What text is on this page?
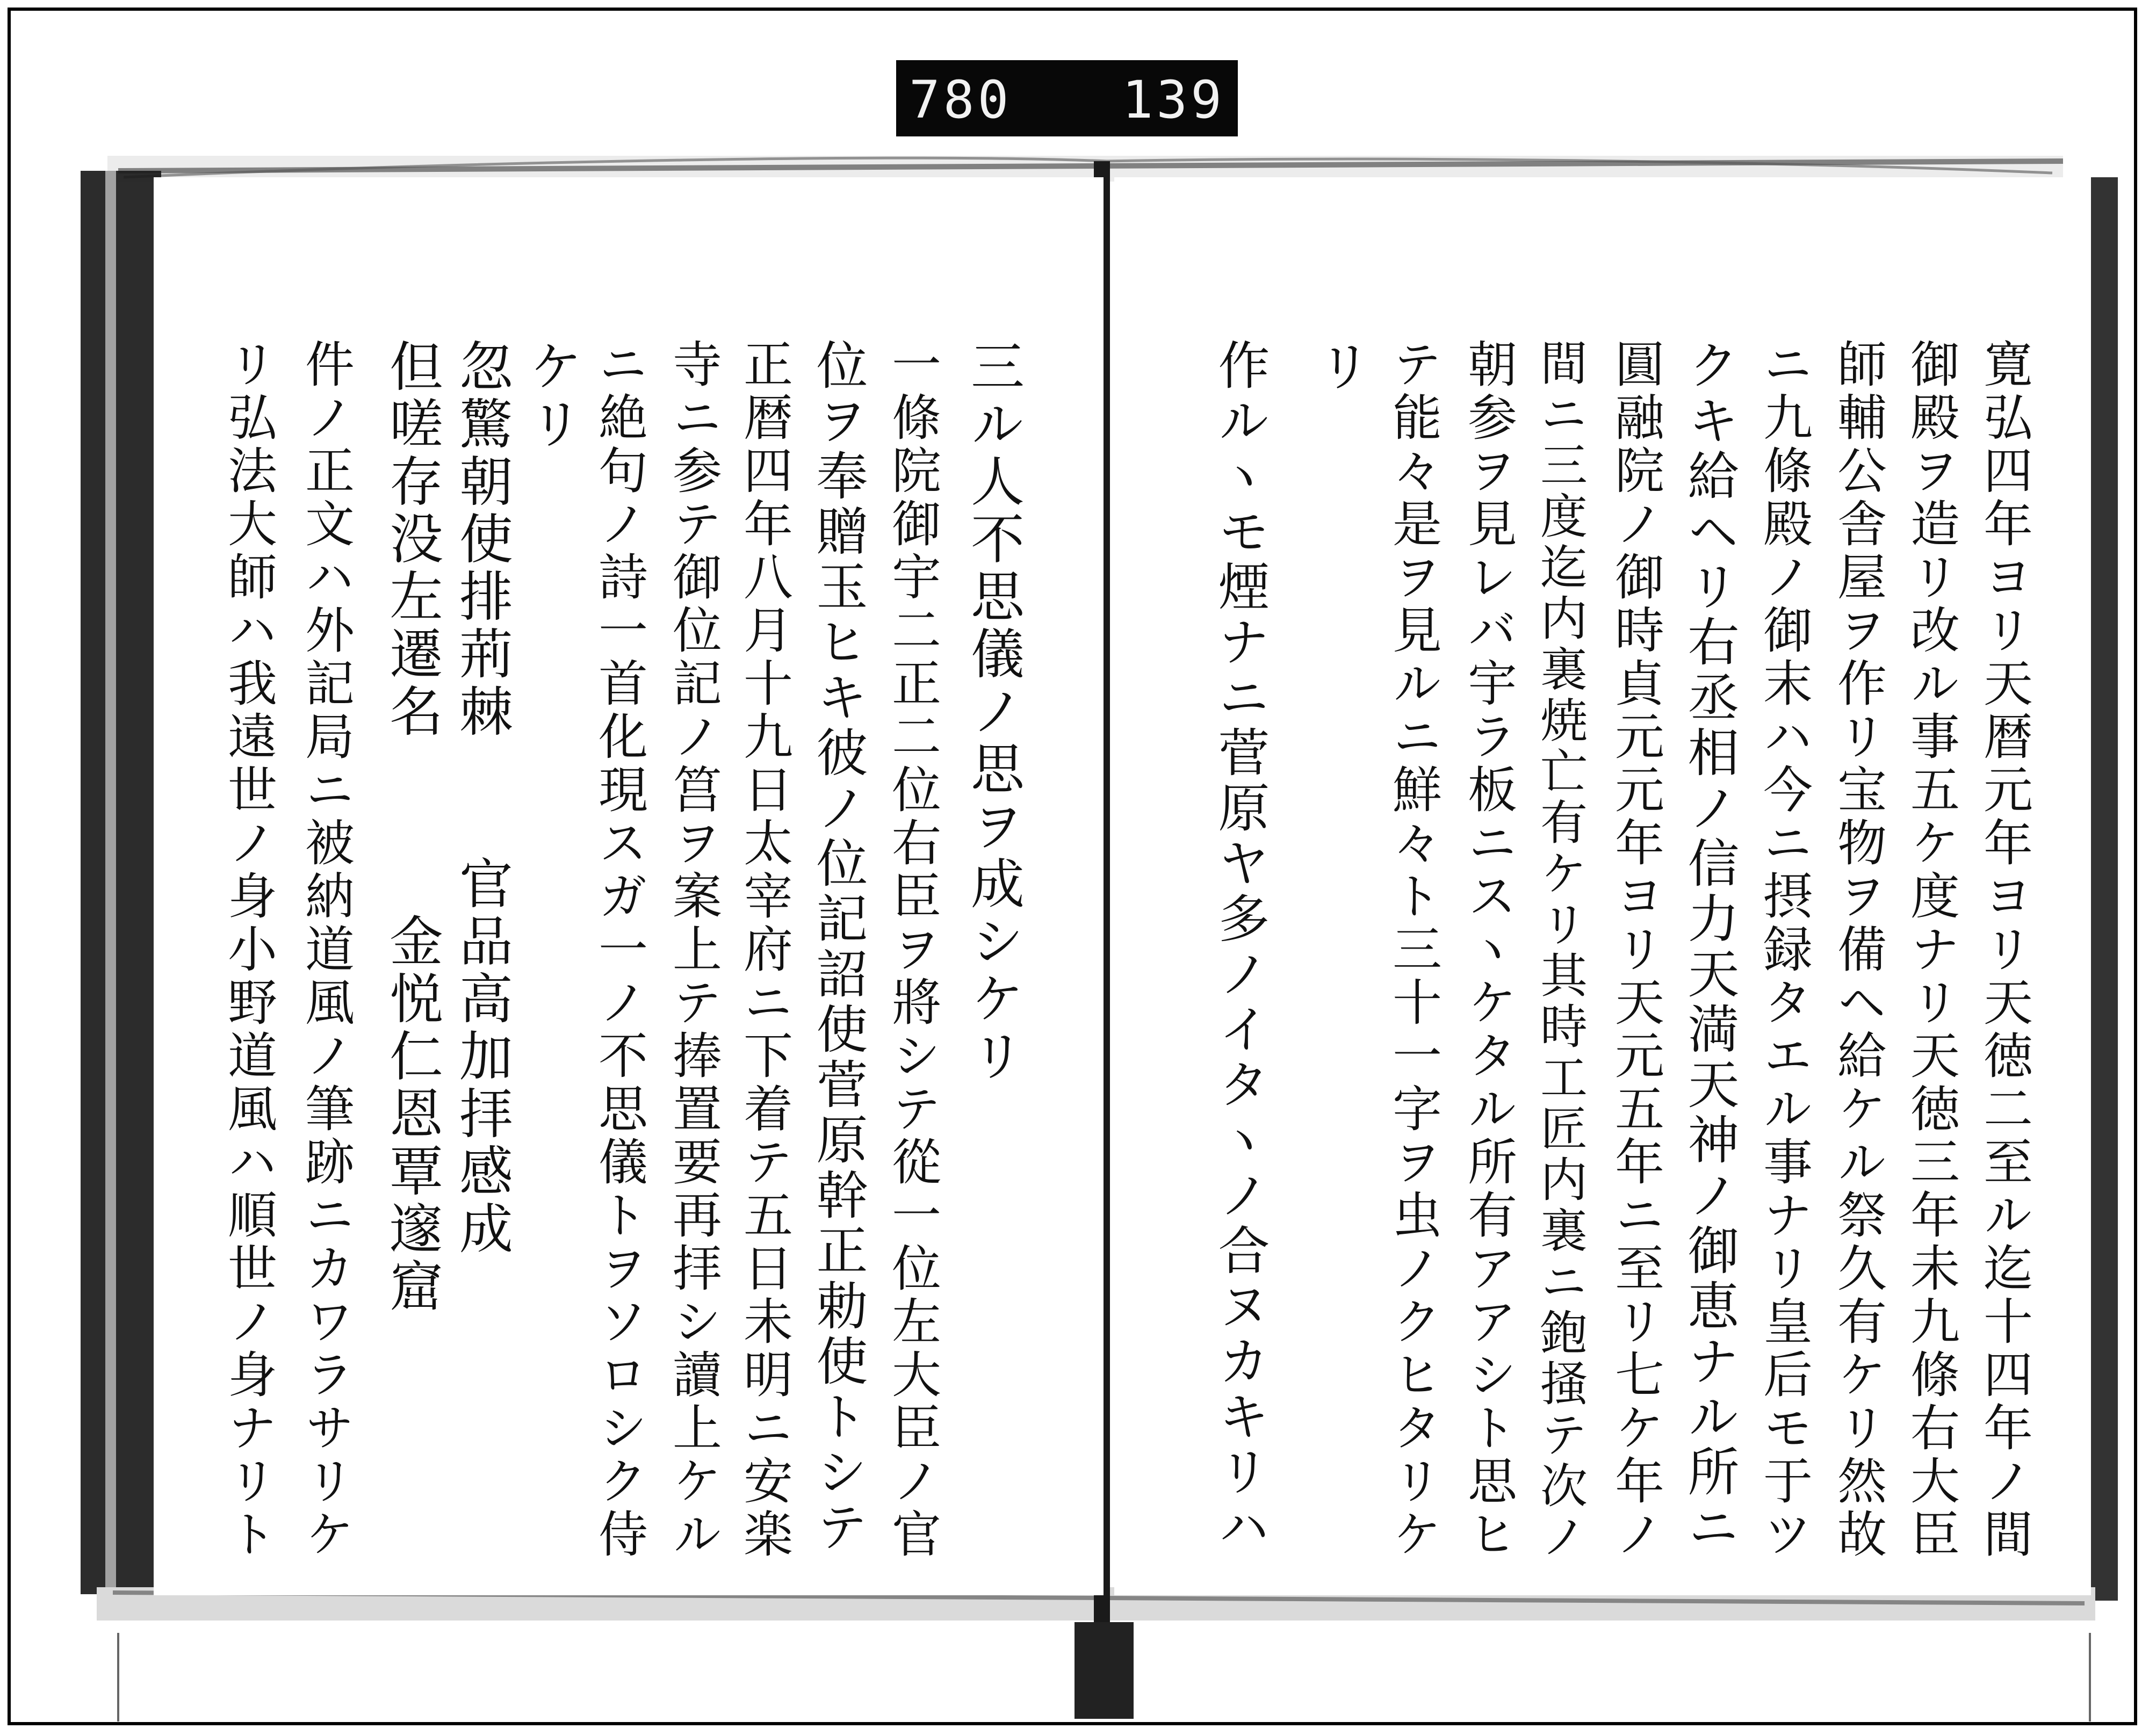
780 139
三ル人不思儀ノ思ヲ成シケリ
一條院御宇二正二位右臣ヲ將シテ從一位左大臣ノ官
位ヲ奉贈玉ヒキ彼ノ位記詔使菅原幹正勅使トシテ
正暦四年八月十九日太宰府ニ下着テ五日未明ニ安楽
寺ニ参テ御位記ノ筥ヲ案上テ捧置要再拝シ讀上ケル
ニ絶句ノ詩一首化現スガ一ノ不思儀トヲソロシク侍
ケリ
忽驚朝使排荊棘　　官品高加拝感成
但嗟存没左遷名　　　金悦仁恩覃邃窟
件ノ正文ハ外記局ニ被納道風ノ筆跡ニカワラサリケ
リ弘法大師ハ我遠世ノ身小野道風ハ順世ノ身ナリト	寛弘四年ヨリ天暦元年ヨリ天徳二至ル迄十四年ノ間
御殿ヲ造リ改ル事五ケ度ナリ天徳三年未九條右大臣
師輔公舎屋ヲ作リ宝物ヲ備ヘ給ケル祭久有ケリ然故
ニ九條殿ノ御末ハ今ニ摂録タエル事ナリ皇后モ于ツ
クキ給ヘリ右丞相ノ信力天満天神ノ御恵ナル所ニ
圓融院ノ御時貞元元年ヨリ天元五年ニ至リ七ケ年ノ
間ニ三度迄内裏焼亡有ケリ其時工匠内裏ニ鉋掻テ次ノ
朝参ヲ見レバ宇ラ板ニスヽケタル所有アアシト思ヒ
テ能々是ヲ見ルニ鮮々ト三十一字ヲ虫ノクヒタリケ
リ
作ルヽモ煙ナニ菅原ヤ多ノイタヽノ合ヌカキリハ
